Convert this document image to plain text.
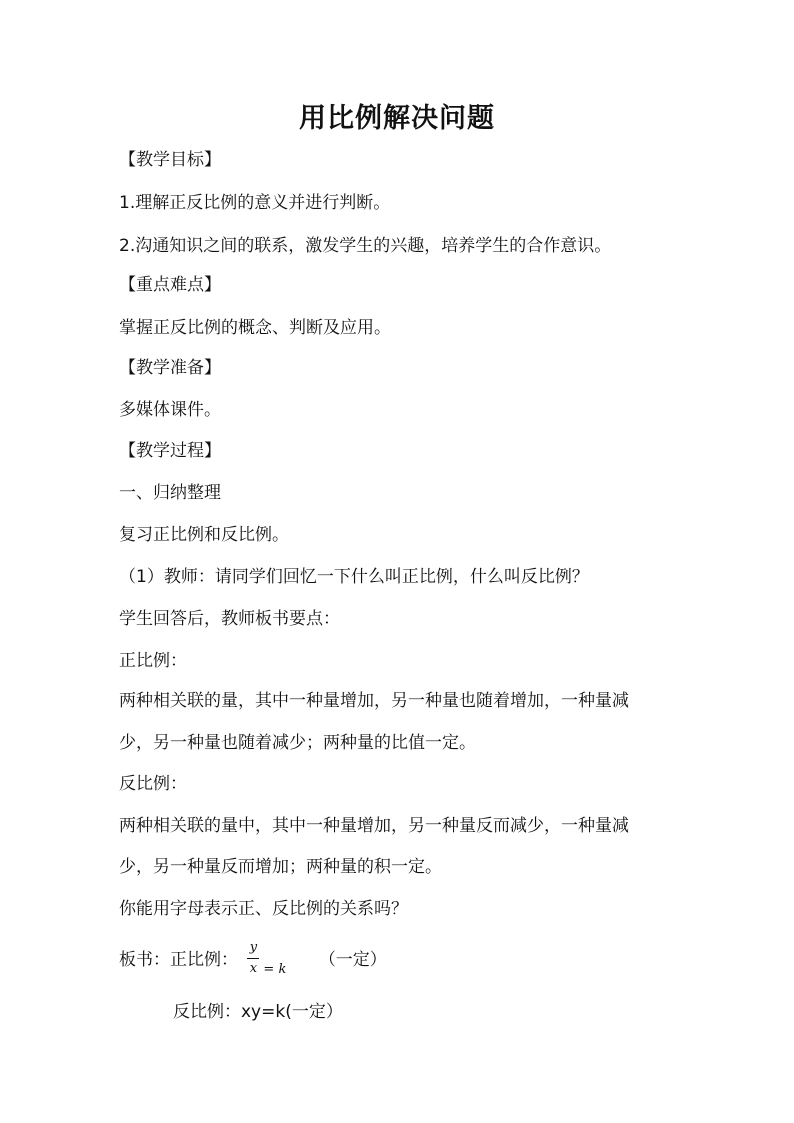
用比例解决问题
【教学目标】
1.理解正反比例的意义并进行判断。
2.沟通知识之间的联系，激发学生的兴趣，培养学生的合作意识。
【重点难点】
掌握正反比例的概念、判断及应用。
【教学准备】
多媒体课件。
【教学过程】
一、归纳整理
复习正比例和反比例。
（1）教师：请同学们回忆一下什么叫正比例，什么叫反比例？
学生回答后，教师板书要点：
正比例：
两种相关联的量，其中一种量增加，另一种量也随着增加，一种量减
少，另一种量也随着减少；两种量的比值一定。
反比例：
两种相关联的量中，其中一种量增加，另一种量反而减少，一种量减
少，另一种量反而增加；两种量的积一定。
你能用字母表示正、反比例的关系吗？
板书：正比例：
y
x = k （一定）
反比例：xy=k(一定）
